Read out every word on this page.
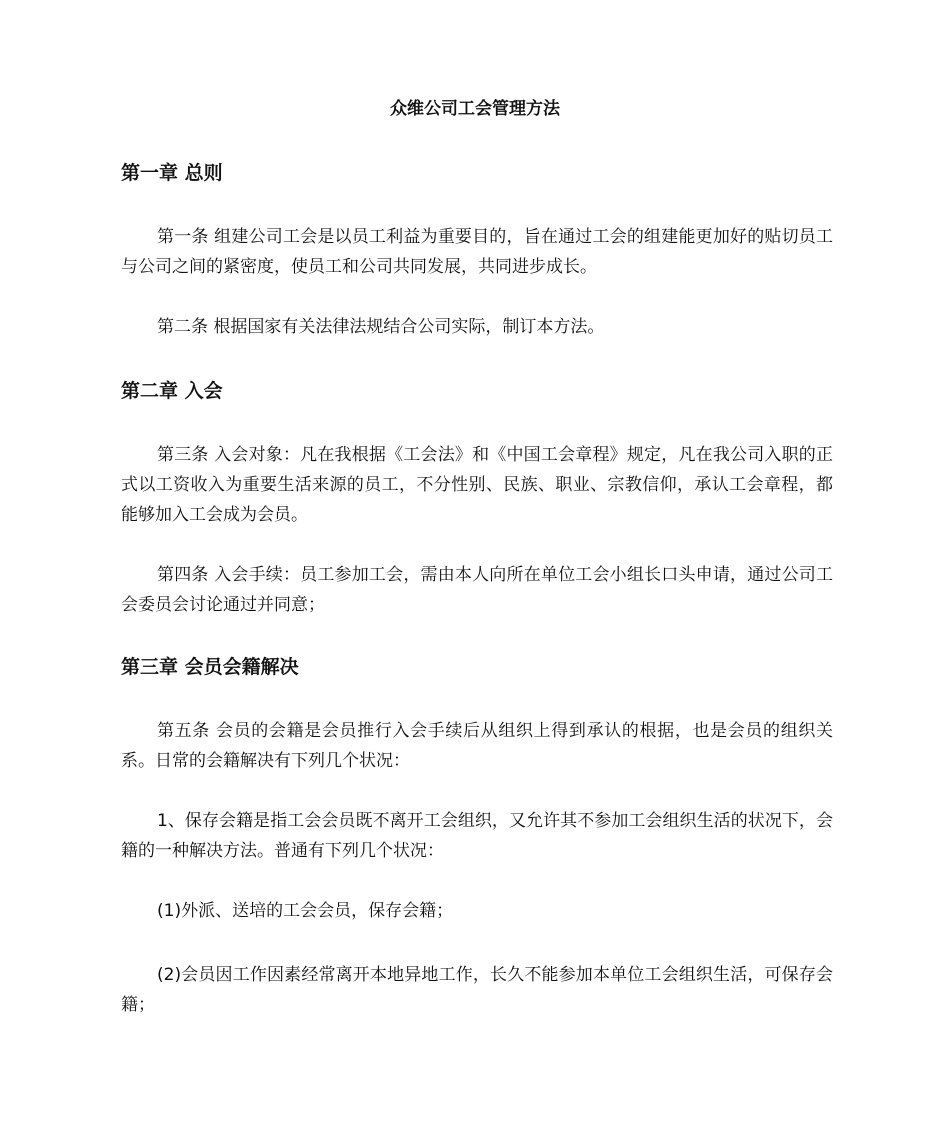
众维公司工会管理方法
第一章 总则
第一条 组建公司工会是以员工利益为重要目的，旨在通过工会的组建能更加好的贴切员工与公司之间的紧密度，使员工和公司共同发展，共同进步成长。
第二条 根据国家有关法律法规结合公司实际，制订本方法。
第二章 入会
第三条 入会对象：凡在我根据《工会法》和《中国工会章程》规定，凡在我公司入职的正式以工资收入为重要生活来源的员工，不分性别、民族、职业、宗教信仰，承认工会章程，都能够加入工会成为会员。
第四条 入会手续：员工参加工会，需由本人向所在单位工会小组长口头申请，通过公司工会委员会讨论通过并同意；
第三章 会员会籍解决
第五条 会员的会籍是会员推行入会手续后从组织上得到承认的根据，也是会员的组织关系。日常的会籍解决有下列几个状况：
1、保存会籍是指工会会员既不离开工会组织，又允许其不参加工会组织生活的状况下，会籍的一种解决方法。普通有下列几个状况：
(1)外派、送培的工会会员，保存会籍；
(2)会员因工作因素经常离开本地异地工作，长久不能参加本单位工会组织生活，可保存会籍；
